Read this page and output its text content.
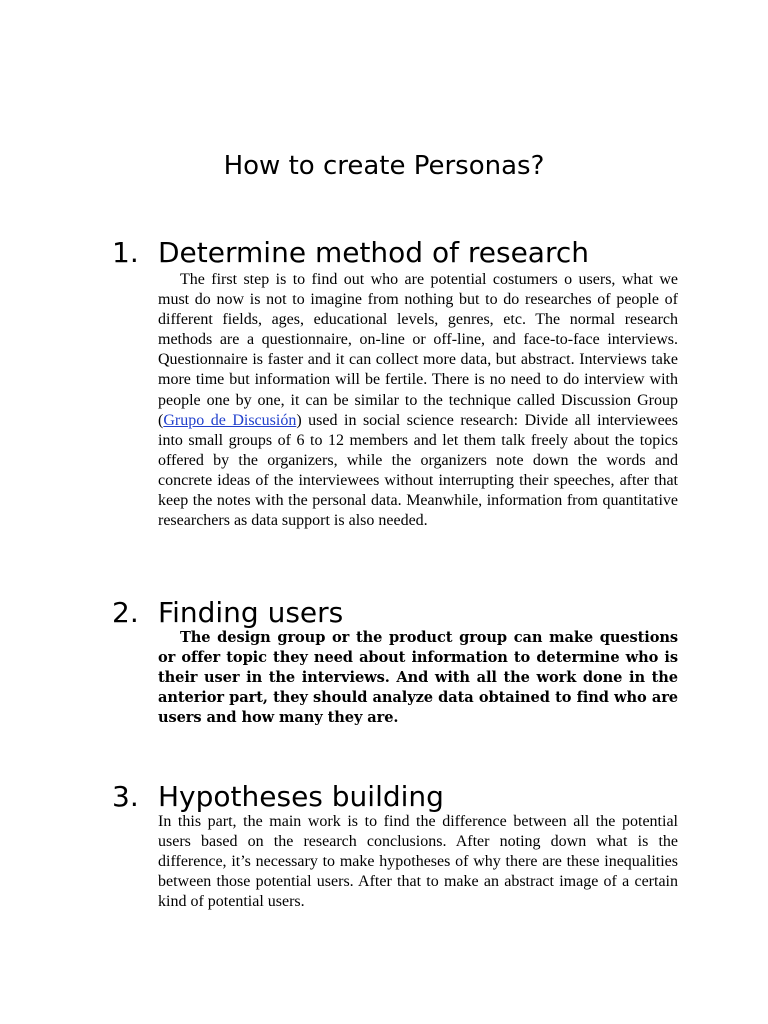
How to create Personas?
1. Determine method of research

The first step is to find out who are potential costumers o users, what we must do now is not to imagine from nothing but to do researches of people of different fields, ages, educational levels, genres, etc. The normal research methods are a questionnaire, on-line or off-line, and face-to-face interviews. Questionnaire is faster and it can collect more data, but abstract. Interviews take more time but information will be fertile. There is no need to do interview with people one by one, it can be similar to the technique called Discussion Group (Grupo de Discusión) used in social science research: Divide all interviewees into small groups of 6 to 12 members and let them talk freely about the topics offered by the organizers, while the organizers note down the words and concrete ideas of the interviewees without interrupting their speeches, after that keep the notes with the personal data. Meanwhile, information from quantitative researchers as data support is also needed.

2. Finding users

The design group or the product group can make questions or offer topic they need about information to determine who is their user in the interviews. And with all the work done in the anterior part, they should analyze data obtained to find who are users and how many they are.

3. Hypotheses building

In this part, the main work is to find the difference between all the potential users based on the research conclusions. After noting down what is the difference, it’s necessary to make hypotheses of why there are these inequalities between those potential users. After that to make an abstract image of a certain kind of potential users.
